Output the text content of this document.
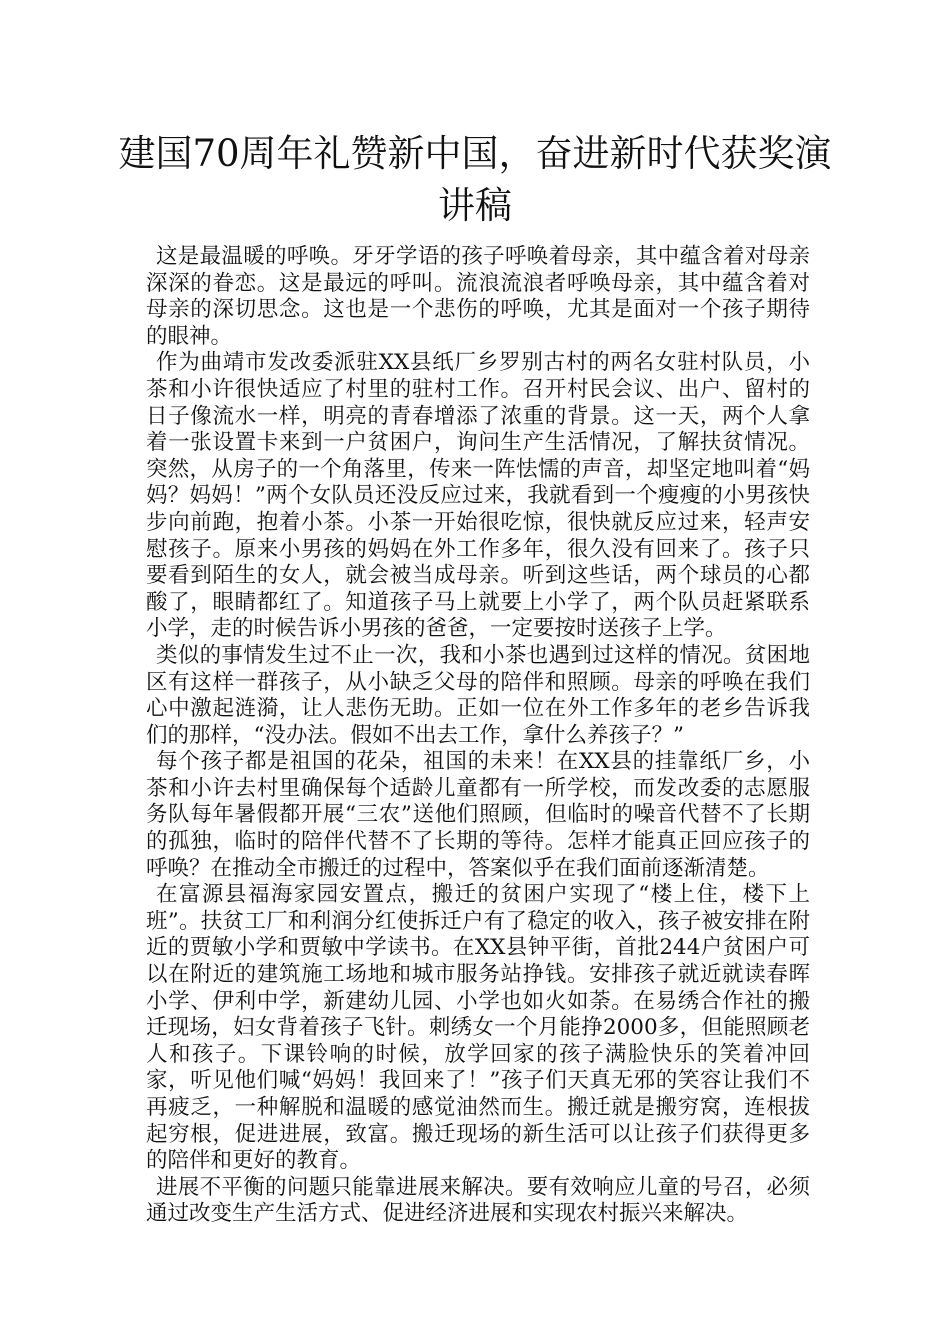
建国70周年礼赞新中国，奋进新时代获奖演讲稿

这是最温暖的呼唤。牙牙学语的孩子呼唤着母亲，其中蕴含着对母亲深深的眷恋。这是最远的呼叫。流浪流浪者呼唤母亲，其中蕴含着对母亲的深切思念。这也是一个悲伤的呼唤，尤其是面对一个孩子期待的眼神。

作为曲靖市发改委派驻XX县纸厂乡罗别古村的两名女驻村队员，小茶和小许很快适应了村里的驻村工作。召开村民会议、出户、留村的日子像流水一样，明亮的青春增添了浓重的背景。这一天，两个人拿着一张设置卡来到一户贫困户，询问生产生活情况，了解扶贫情况。突然，从房子的一个角落里，传来一阵怯懦的声音，却坚定地叫着“妈妈？妈妈！”两个女队员还没反应过来，我就看到一个瘦瘦的小男孩快步向前跑，抱着小茶。小茶一开始很吃惊，很快就反应过来，轻声安慰孩子。原来小男孩的妈妈在外工作多年，很久没有回来了。孩子只要看到陌生的女人，就会被当成母亲。听到这些话，两个球员的心都酸了，眼睛都红了。知道孩子马上就要上小学了，两个队员赶紧联系小学，走的时候告诉小男孩的爸爸，一定要按时送孩子上学。

类似的事情发生过不止一次，我和小茶也遇到过这样的情况。贫困地区有这样一群孩子，从小缺乏父母的陪伴和照顾。母亲的呼唤在我们心中激起涟漪，让人悲伤无助。正如一位在外工作多年的老乡告诉我们的那样，“没办法。假如不出去工作，拿什么养孩子？”

每个孩子都是祖国的花朵，祖国的未来！在XX县的挂靠纸厂乡，小茶和小许去村里确保每个适龄儿童都有一所学校，而发改委的志愿服务队每年暑假都开展“三农”送他们照顾，但临时的噪音代替不了长期的孤独，临时的陪伴代替不了长期的等待。怎样才能真正回应孩子的呼唤？在推动全市搬迁的过程中，答案似乎在我们面前逐渐清楚。

在富源县福海家园安置点，搬迁的贫困户实现了“楼上住，楼下上班”。扶贫工厂和利润分红使拆迁户有了稳定的收入，孩子被安排在附近的贾敏小学和贾敏中学读书。在XX县钟平街，首批244户贫困户可以在附近的建筑施工场地和城市服务站挣钱。安排孩子就近就读春晖小学、伊利中学，新建幼儿园、小学也如火如荼。在易绣合作社的搬迁现场，妇女背着孩子飞针。刺绣女一个月能挣2000多，但能照顾老人和孩子。下课铃响的时候，放学回家的孩子满脸快乐的笑着冲回家，听见他们喊“妈妈！我回来了！”孩子们天真无邪的笑容让我们不再疲乏，一种解脱和温暖的感觉油然而生。搬迁就是搬穷窝，连根拔起穷根，促进进展，致富。搬迁现场的新生活可以让孩子们获得更多的陪伴和更好的教育。

进展不平衡的问题只能靠进展来解决。要有效响应儿童的号召，必须通过改变生产生活方式、促进经济进展和实现农村振兴来解决。
